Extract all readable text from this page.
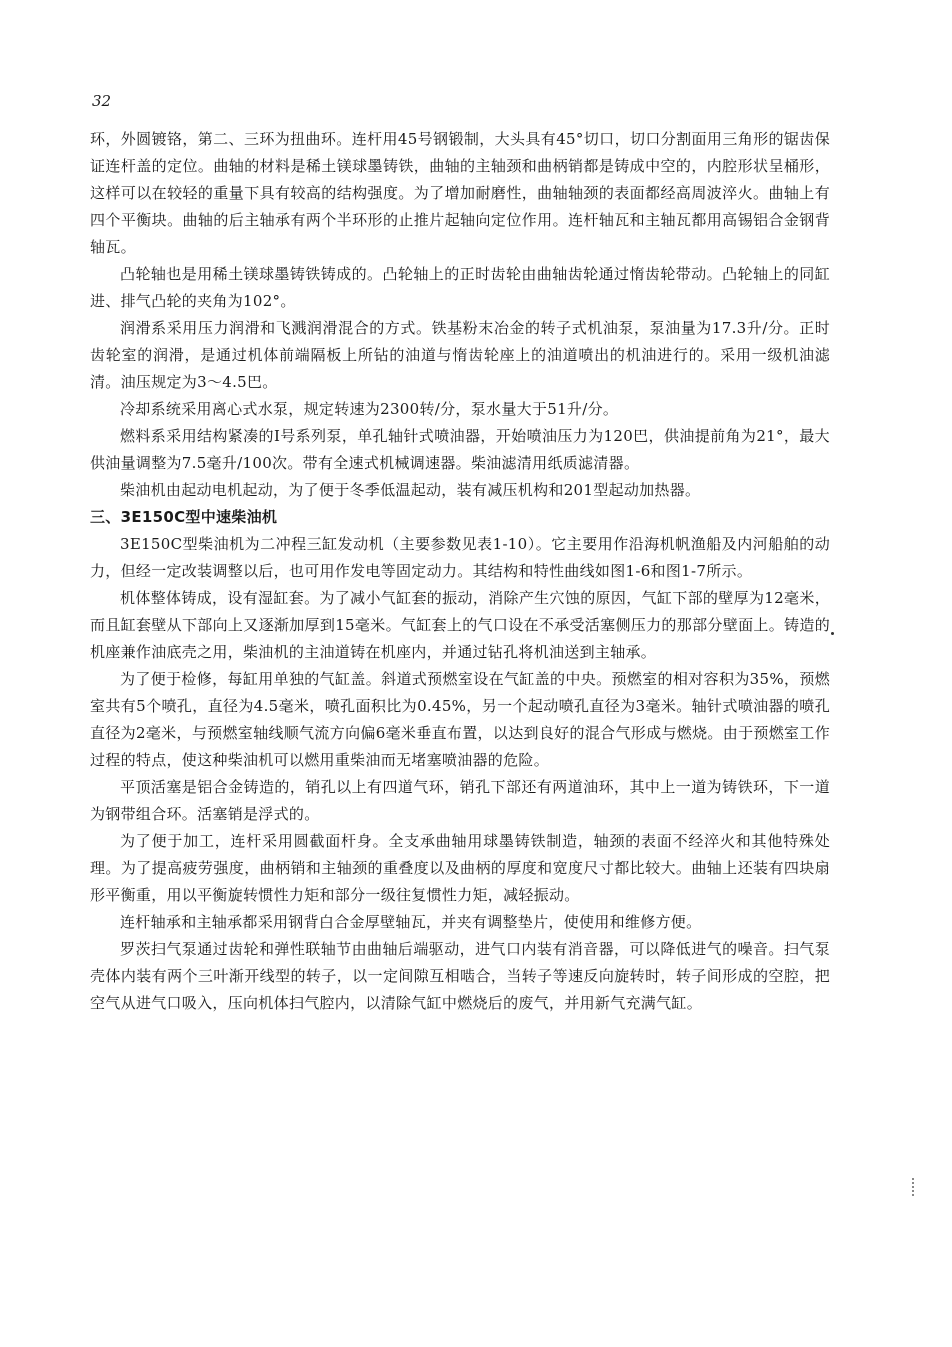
32

环，外圆镀铬，第二、三环为扭曲环。连杆用45号钢锻制，大头具有45°切口，切口分割面用三角形的锯齿保证连杆盖的定位。曲轴的材料是稀土镁球墨铸铁，曲轴的主轴颈和曲柄销都是铸成中空的，内腔形状呈桶形，这样可以在较轻的重量下具有较高的结构强度。为了增加耐磨性，曲轴轴颈的表面都经高周波淬火。曲轴上有四个平衡块。曲轴的后主轴承有两个半环形的止推片起轴向定位作用。连杆轴瓦和主轴瓦都用高锡铝合金钢背轴瓦。

凸轮轴也是用稀土镁球墨铸铁铸成的。凸轮轴上的正时齿轮由曲轴齿轮通过惰齿轮带动。凸轮轴上的同缸进、排气凸轮的夹角为102°。

润滑系采用压力润滑和飞溅润滑混合的方式。铁基粉末冶金的转子式机油泵，泵油量为17.3升/分。正时齿轮室的润滑，是通过机体前端隔板上所钻的油道与惰齿轮座上的油道喷出的机油进行的。采用一级机油滤清。油压规定为3～4.5巴。

冷却系统采用离心式水泵，规定转速为2300转/分，泵水量大于51升/分。

燃料系采用结构紧凑的Ⅰ号系列泵，单孔轴针式喷油器，开始喷油压力为120巴，供油提前角为21°，最大供油量调整为7.5毫升/100次。带有全速式机械调速器。柴油滤清用纸质滤清器。

柴油机由起动电机起动，为了便于冬季低温起动，装有减压机构和201型起动加热器。

三、3E150C型中速柴油机

3E150C型柴油机为二冲程三缸发动机（主要参数见表1-10）。它主要用作沿海机帆渔船及内河船舶的动力，但经一定改装调整以后，也可用作发电等固定动力。其结构和特性曲线如图1-6和图1-7所示。

机体整体铸成，设有湿缸套。为了减小气缸套的振动，消除产生穴蚀的原因，气缸下部的壁厚为12毫米，而且缸套壁从下部向上又逐渐加厚到15毫米。气缸套上的气口设在不承受活塞侧压力的那部分壁面上。铸造的机座兼作油底壳之用，柴油机的主油道铸在机座内，并通过钻孔将机油送到主轴承。

为了便于检修，每缸用单独的气缸盖。斜道式预燃室设在气缸盖的中央。预燃室的相对容积为35%，预燃室共有5个喷孔，直径为4.5毫米，喷孔面积比为0.45%，另一个起动喷孔直径为3毫米。轴针式喷油器的喷孔直径为2毫米，与预燃室轴线顺气流方向偏6毫米垂直布置，以达到良好的混合气形成与燃烧。由于预燃室工作过程的特点，使这种柴油机可以燃用重柴油而无堵塞喷油器的危险。

平顶活塞是铝合金铸造的，销孔以上有四道气环，销孔下部还有两道油环，其中上一道为铸铁环，下一道为钢带组合环。活塞销是浮式的。

为了便于加工，连杆采用圆截面杆身。全支承曲轴用球墨铸铁制造，轴颈的表面不经淬火和其他特殊处理。为了提高疲劳强度，曲柄销和主轴颈的重叠度以及曲柄的厚度和宽度尺寸都比较大。曲轴上还装有四块扇形平衡重，用以平衡旋转惯性力矩和部分一级往复惯性力矩，减轻振动。

连杆轴承和主轴承都采用钢背白合金厚壁轴瓦，并夹有调整垫片，使使用和维修方便。

罗茨扫气泵通过齿轮和弹性联轴节由曲轴后端驱动，进气口内装有消音器，可以降低进气的噪音。扫气泵壳体内装有两个三叶渐开线型的转子，以一定间隙互相啮合，当转子等速反向旋转时，转子间形成的空腔，把空气从进气口吸入，压向机体扫气腔内，以清除气缸中燃烧后的废气，并用新气充满气缸。
